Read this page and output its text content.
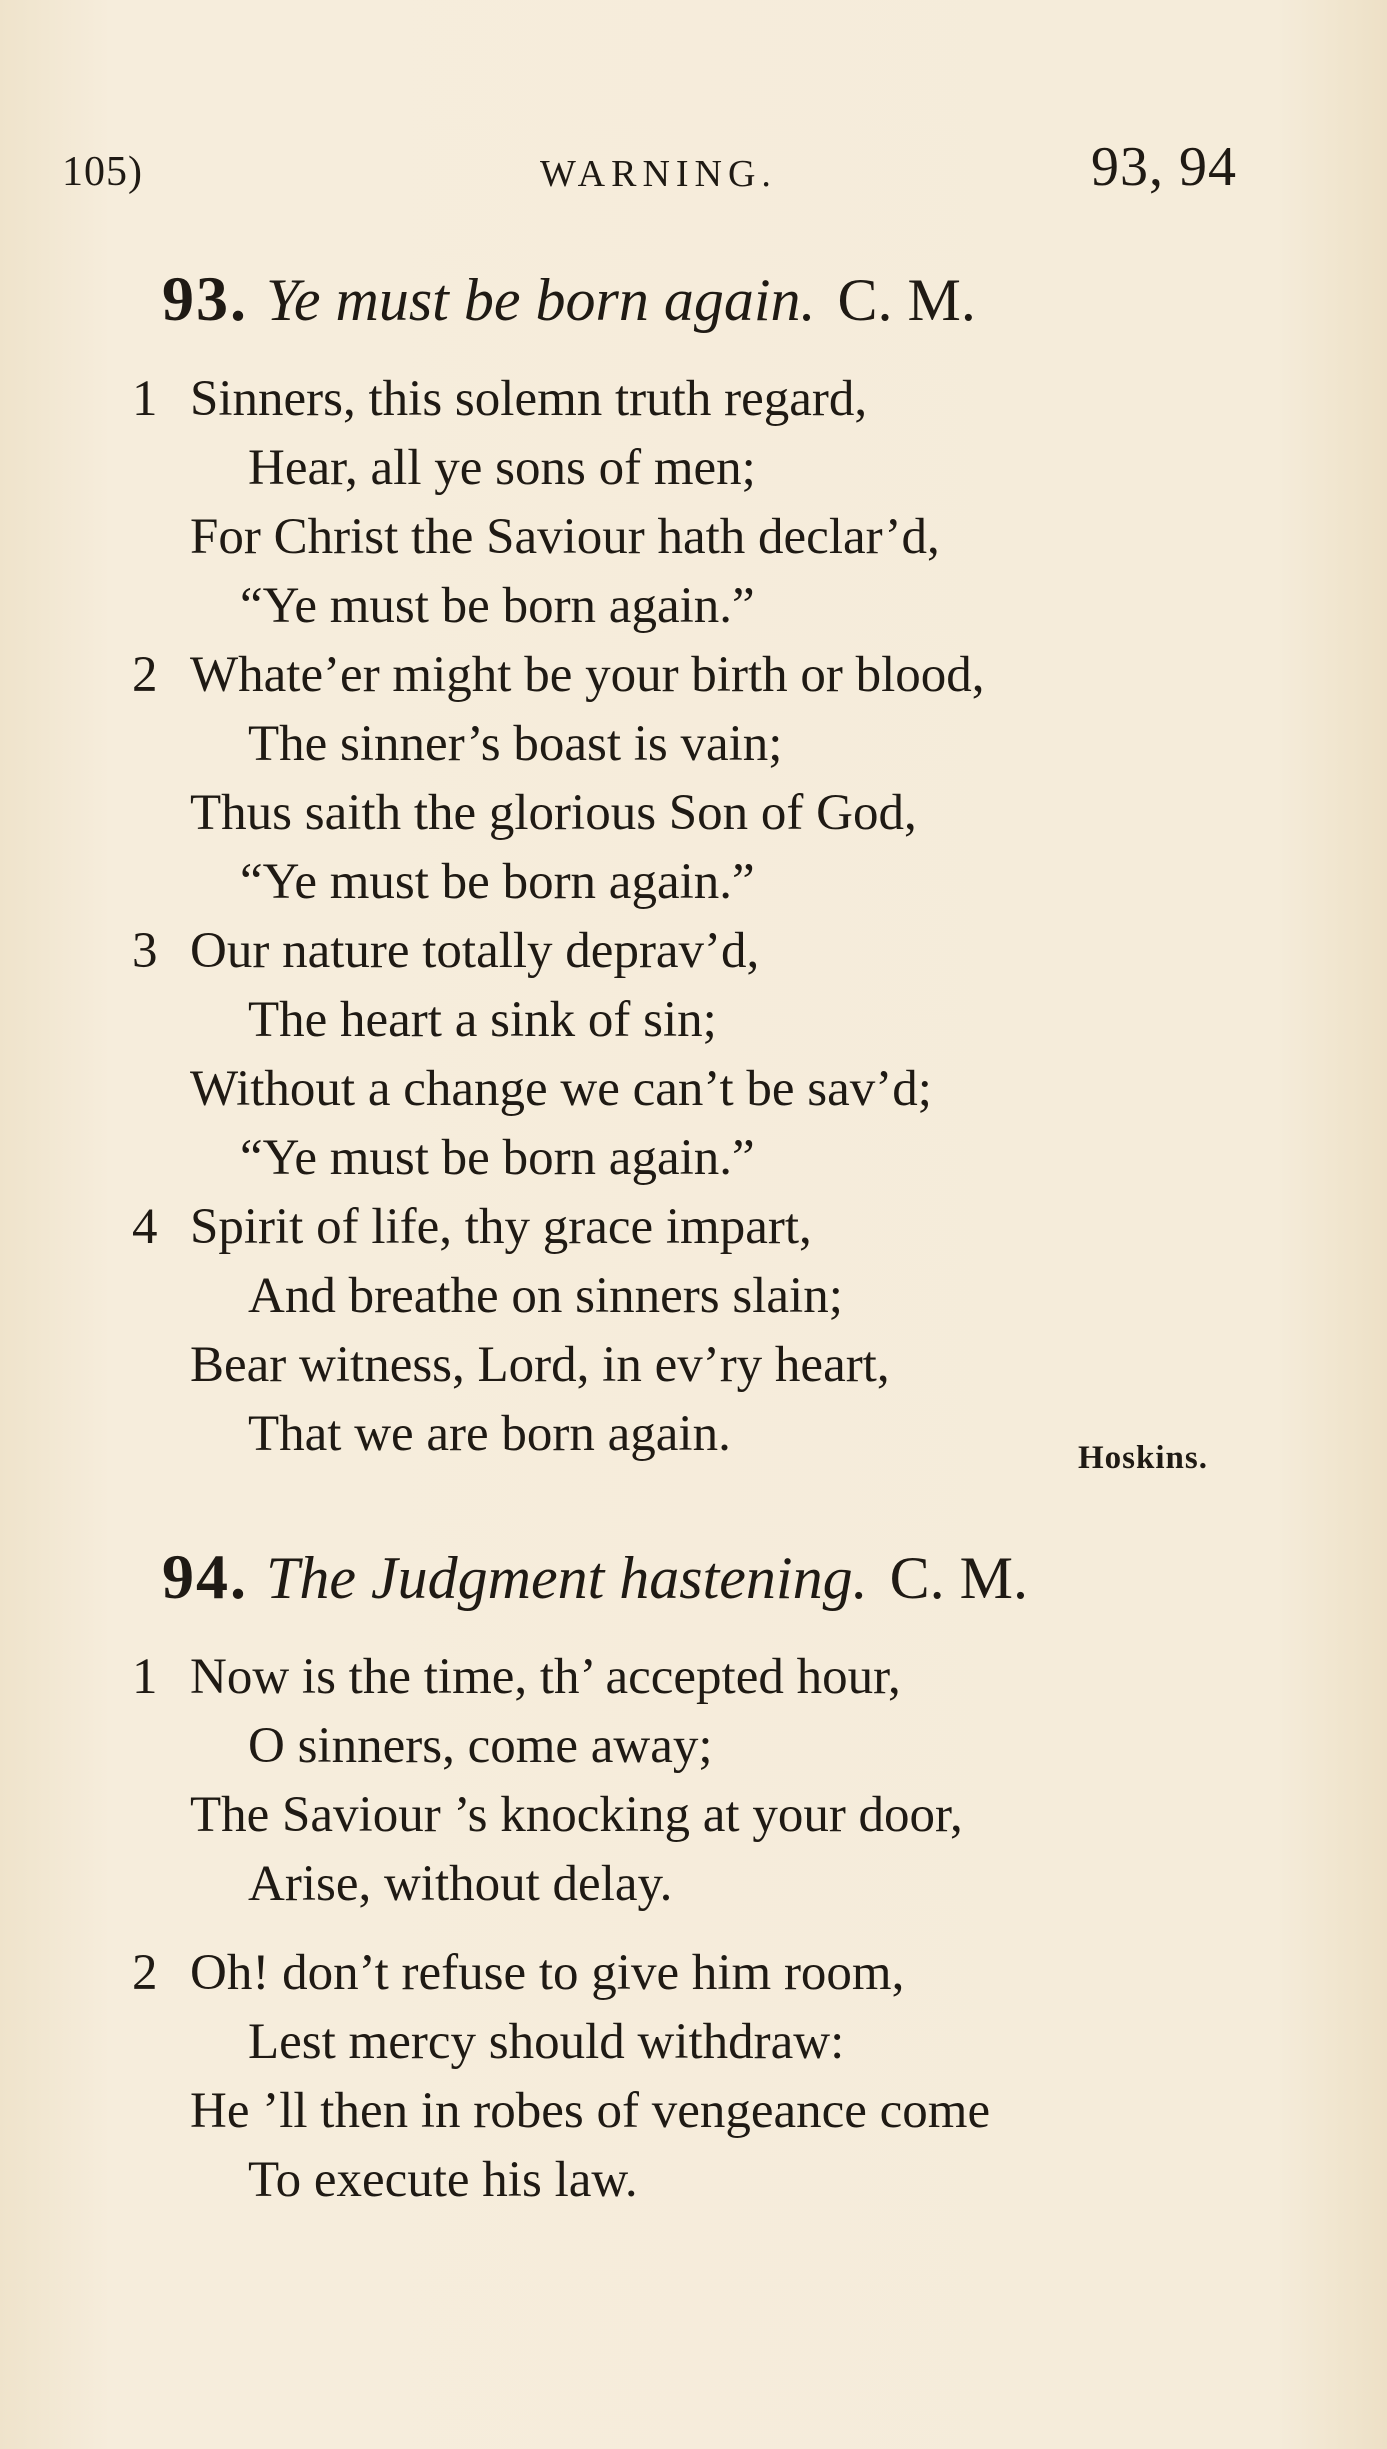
105)	WARNING.	93, 94
93. Ye must be born again. C. M.
1 Sinners, this solemn truth regard,
Hear, all ye sons of men;
For Christ the Saviour hath declar’d,
“Ye must be born again.”
2 Whate’er might be your birth or blood,
The sinner’s boast is vain;
Thus saith the glorious Son of God,
“Ye must be born again.”
3 Our nature totally deprav’d,
The heart a sink of sin;
Without a change we can’t be sav’d;
“Ye must be born again.”
4 Spirit of life, thy grace impart,
And breathe on sinners slain;
Bear witness, Lord, in ev’ry heart,
That we are born again.	Hoskins.
94. The Judgment hastening. C. M.
1 Now is the time, th’ accepted hour,
O sinners, come away;
The Saviour ’s knocking at your door,
Arise, without delay.
2 Oh! don’t refuse to give him room,
Lest mercy should withdraw:
He ’ll then in robes of vengeance come
To execute his law.
